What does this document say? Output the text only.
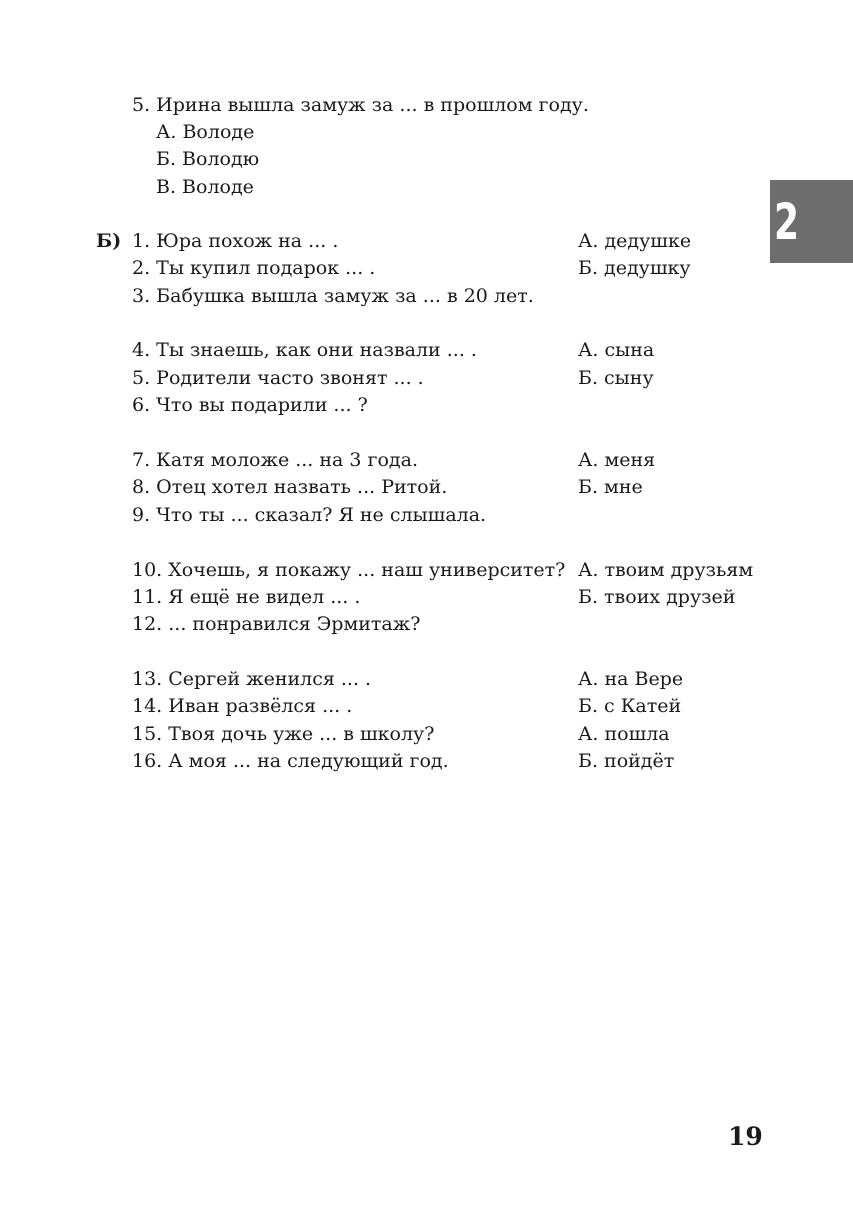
2
5. Ирина вышла замуж за ... в прошлом году.
А. Володе
Б. Володю
В. Володе
Б) 1. Юра похож на ... .
2. Ты купил подарок ... .
3. Бабушка вышла замуж за ... в 20 лет.
А. дедушке
Б. дедушку
4. Ты знаешь, как они назвали ... .
5. Родители часто звонят ... .
6. Что вы подарили ... ?
А. сына
Б. сыну
7. Катя моложе ... на 3 года.
8. Отец хотел назвать ... Ритой.
9. Что ты ... сказал? Я не слышала.
А. меня
Б. мне
10. Хочешь, я покажу ... наш университет?
11. Я ещё не видел ... .
12. ... понравился Эрмитаж?
А. твоим друзьям
Б. твоих друзей
13. Сергей женился ... .
14. Иван развёлся ... .
15. Твоя дочь уже ... в школу?
16. А моя ... на следующий год.
А. на Вере
Б. с Катей
А. пошла
Б. пойдёт
19
